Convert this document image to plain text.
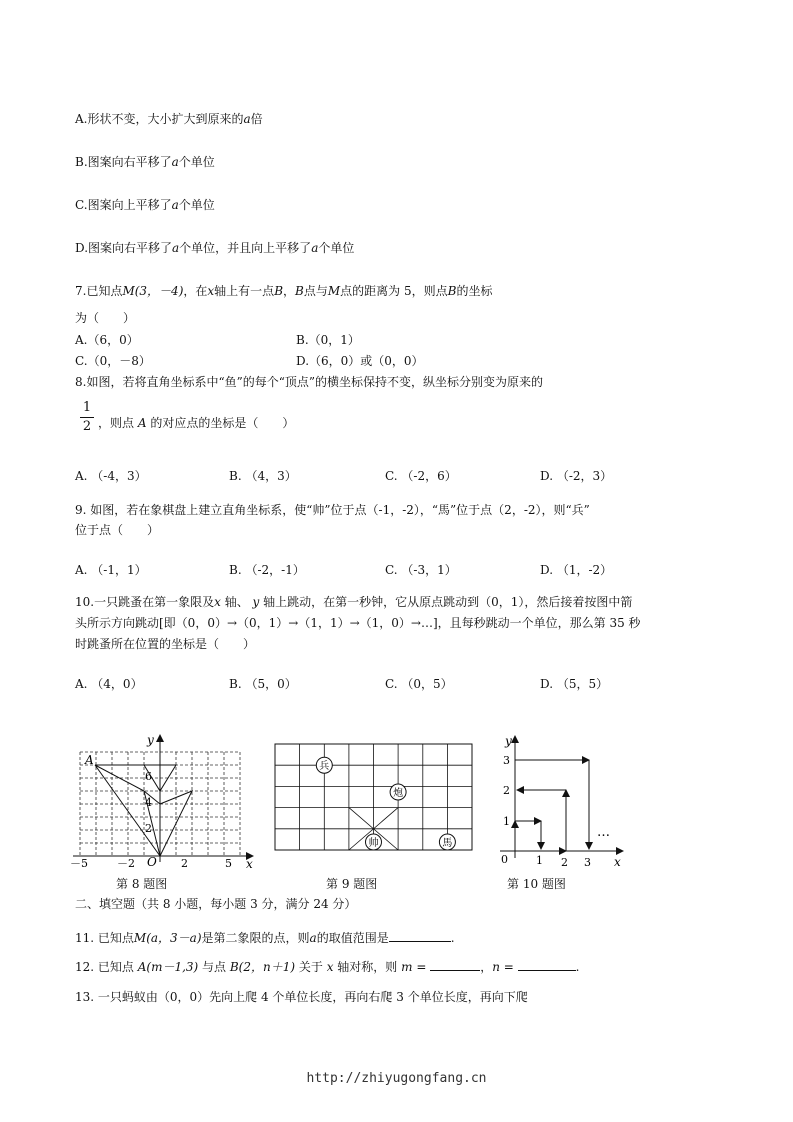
A.形状不变，大小扩大到原来的a倍
B.图案向右平移了a个单位
C.图案向上平移了a个单位
D.图案向右平移了a个单位，并且向上平移了a个单位
7.已知点M(3，－4)，在x轴上有一点B，B点与M点的距离为 5，则点B的坐标
为（　　）
A.（6，0）	B.（0，1）
C.（0，－8）	D.（6，0）或（0，0）
8.如图，若将直角坐标系中“鱼”的每个“顶点”的横坐标保持不变，纵坐标分别变为原来的
1
2 ，则点 A 的对应点的坐标是（　　）
A. （-4，3）	B. （4，3）	C. （-2，6）	D. （-2，3）
9. 如图，若在象棋盘上建立直角坐标系，使“帅”位于点（-1，-2），“馬”位于点（2，-2），则“兵”
位于点（　　）
A. （-1，1）	B. （-2，-1）	C. （-3，1）	D. （1，-2）
10.一只跳蚤在第一象限及x 轴、 y 轴上跳动，在第一秒钟，它从原点跳动到（0，1），然后接着按图中箭
头所示方向跳动[即（0，0）→（0，1）→（1，1）→（1，0）→…]，且每秒跳动一个单位，那么第 35 秒
时跳蚤所在位置的坐标是（　　）
A. （4，0）	B. （5，0）	C. （0，5）	D. （5，5）
A
y
x
O
－5	－2	2	5
6
4
2
第 8 题图
兵
炮
帅	馬
第 9 题图
y
x
0	1 2 3
1
2
3
…
第 10 题图
二、填空题（共 8 小题，每小题 3 分，满分 24 分）
11. 已知点M(a，3－a)是第二象限的点，则a的取值范围是	.
12. 已知点 A(m－1,3) 与点 B(2，n＋1) 关于 x 轴对称，则 m =	，n =	.
13. 一只蚂蚁由（0，0）先向上爬 4 个单位长度，再向右爬 3 个单位长度，再向下爬
http://zhiyugongfang.cn
